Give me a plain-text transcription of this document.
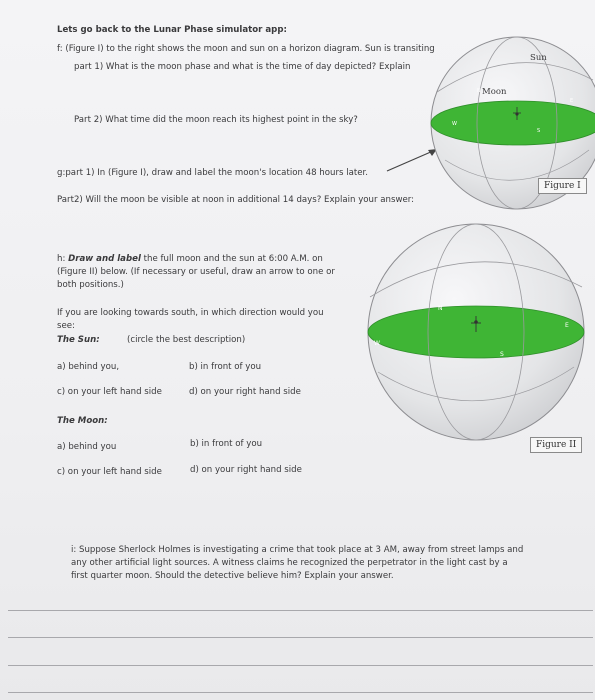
Lets go back to the Lunar Phase simulator app:
f: (Figure I) to the right shows the moon and sun on a horizon diagram. Sun is transiting
part 1) What is the moon phase and what is the time of day depicted? Explain
Part 2) What time did the moon reach its highest point in the sky?
g:part 1) In (Figure I), draw and label the moon's location 48 hours later.
Part2) Will the moon be visible at noon in additional 14 days? Explain your answer:
W
E
S
N Moon
Sun
Figure I
h: Draw and label the full moon and the sun at 6:00 A.M. on
(Figure II) below. (If necessary or useful, draw an arrow to one or
both positions.)
If you are looking towards south, in which direction would you
see:
The Sun:	(circle the best description)
a) behind you,	b) in front of you
c) on your left hand side	d) on your right hand side
The Moon:
a) behind you	b) in front of you
c) on your left hand side	d) on your right hand side
W
E
S
N
Figure II
i: Suppose Sherlock Holmes is investigating a crime that took place at 3 AM, away from street lamps and
any other artificial light sources. A witness claims he recognized the perpetrator in the light cast by a
first quarter moon. Should the detective believe him? Explain your answer.
